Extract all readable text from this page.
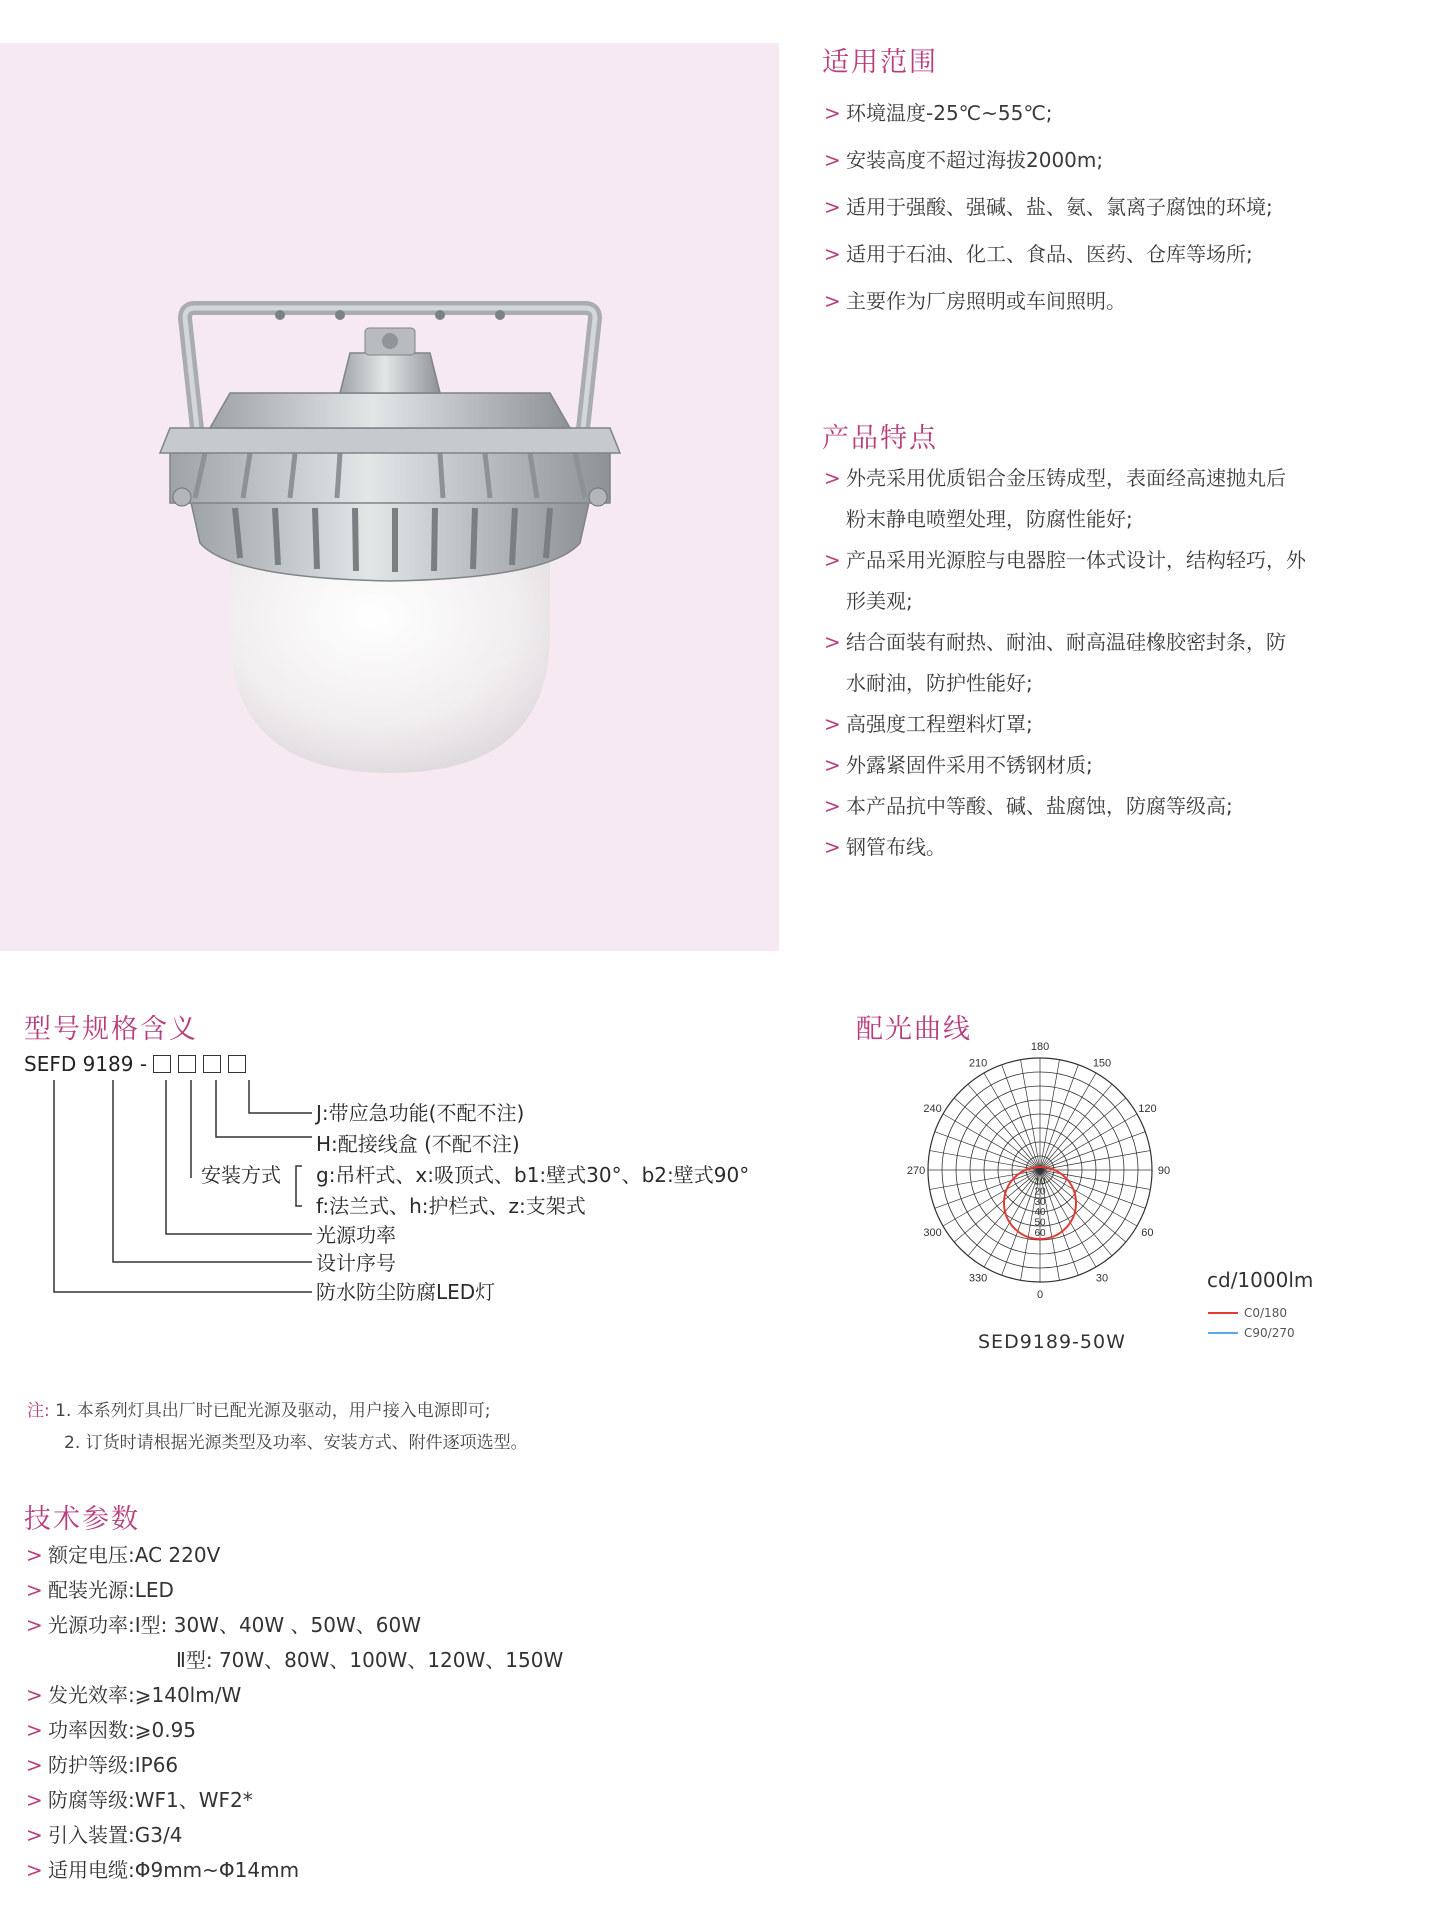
适用范围
> 环境温度-25℃~55℃;
> 安装高度不超过海拔2000m;
> 适用于强酸、强碱、盐、氨、氯离子腐蚀的环境;
> 适用于石油、化工、食品、医药、仓库等场所;
> 主要作为厂房照明或车间照明。
产品特点
> 外壳采用优质铝合金压铸成型，表面经高速抛丸后
粉末静电喷塑处理，防腐性能好;
> 产品采用光源腔与电器腔一体式设计，结构轻巧，外
形美观;
> 结合面装有耐热、耐油、耐高温硅橡胶密封条，防
水耐油，防护性能好;
> 高强度工程塑料灯罩;
> 外露紧固件采用不锈钢材质;
> 本产品抗中等酸、碱、盐腐蚀，防腐等级高;
> 钢管布线。
型号规格含义
SEFD 9189 -
J:带应急功能(不配不注)
H:配接线盒 (不配不注)
安装方式 g:吊杆式、x:吸顶式、b1:壁式30°、b2:壁式90°
f:法兰式、h:护栏式、z:支架式
光源功率
设计序号
防水防尘防腐LED灯
配光曲线
180
150
120
90
60
30
0
330
300
270
240
210
0
10
20
30
40
50
60
cd/1000lm
C0/180
C90/270
SED9189-50W
注: 1. 本系列灯具出厂时已配光源及驱动，用户接入电源即可;
2. 订货时请根据光源类型及功率、安装方式、附件逐项选型。
技术参数
> 额定电压:AC 220V
> 配装光源:LED
> 光源功率:Ⅰ型: 30W、40W 、50W、60W
Ⅱ型: 70W、80W、100W、120W、150W
> 发光效率:⩾140lm/W
> 功率因数:⩾0.95
> 防护等级:IP66
> 防腐等级:WF1、WF2*
> 引入装置:G3/4
> 适用电缆:Φ9mm~Φ14mm
